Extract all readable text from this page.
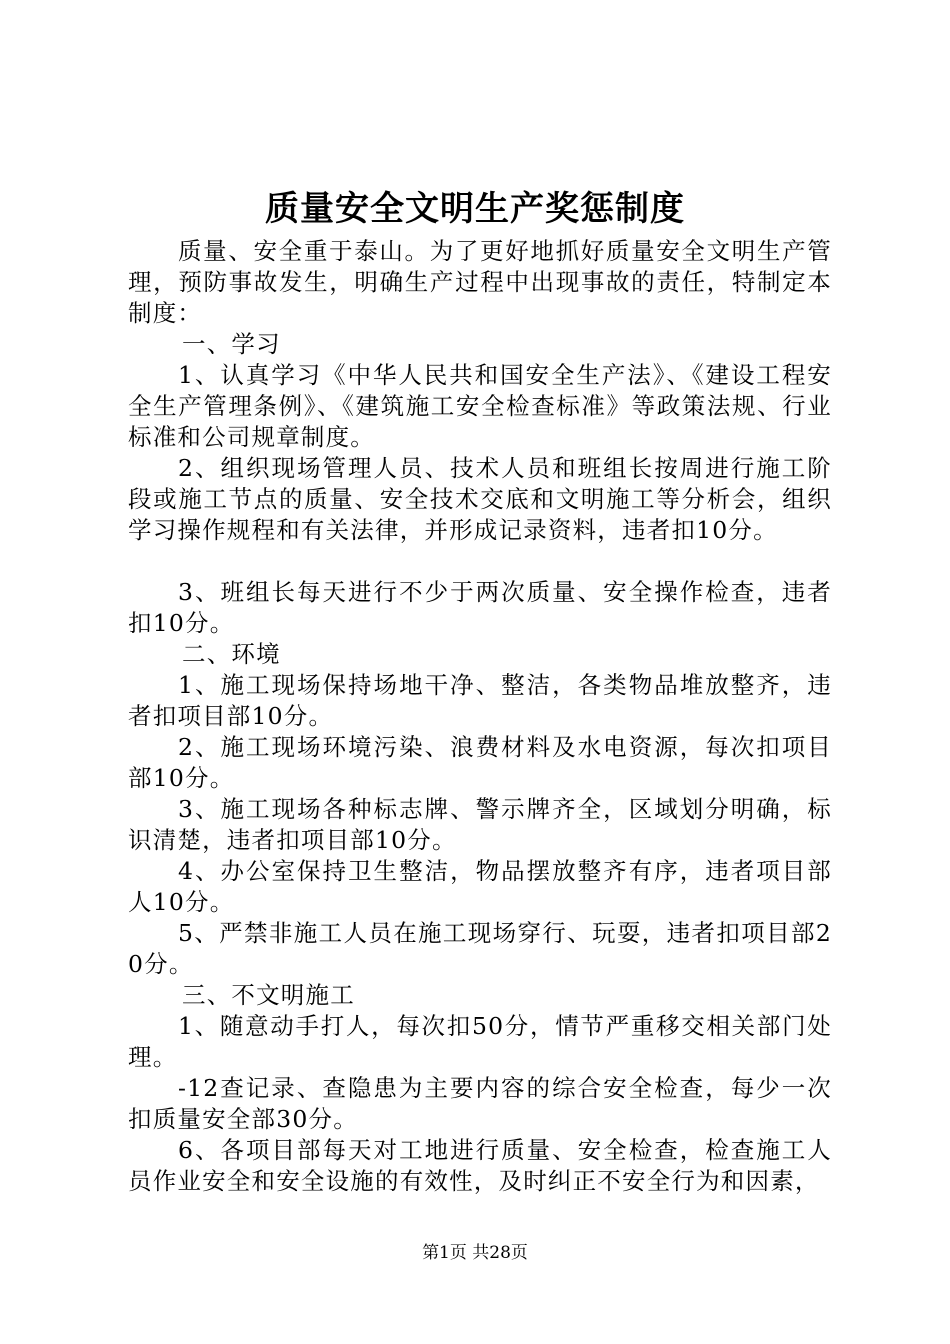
质量安全文明生产奖惩制度

质量、安全重于泰山。为了更好地抓好质量安全文明生产管理，预防事故发生，明确生产过程中出现事故的责任，特制定本制度：

一、学习

1、认真学习《中华人民共和国安全生产法》、《建设工程安全生产管理条例》、《建筑施工安全检查标准》等政策法规、行业标准和公司规章制度。

2、组织现场管理人员、技术人员和班组长按周进行施工阶段或施工节点的质量、安全技术交底和文明施工等分析会，组织学习操作规程和有关法律，并形成记录资料，违者扣10分。

3、班组长每天进行不少于两次质量、安全操作检查，违者扣10分。

二、环境

1、施工现场保持场地干净、整洁，各类物品堆放整齐，违者扣项目部10分。

2、施工现场环境污染、浪费材料及水电资源，每次扣项目部10分。

3、施工现场各种标志牌、警示牌齐全，区域划分明确，标识清楚，违者扣项目部10分。

4、办公室保持卫生整洁，物品摆放整齐有序，违者项目部人10分。

5、严禁非施工人员在施工现场穿行、玩耍，违者扣项目部20分。

三、不文明施工

1、随意动手打人，每次扣50分，情节严重移交相关部门处理。

-12查记录、查隐患为主要内容的综合安全检查，每少一次扣质量安全部30分。

6、各项目部每天对工地进行质量、安全检查，检查施工人员作业安全和安全设施的有效性，及时纠正不安全行为和因素，

第1页 共28页
